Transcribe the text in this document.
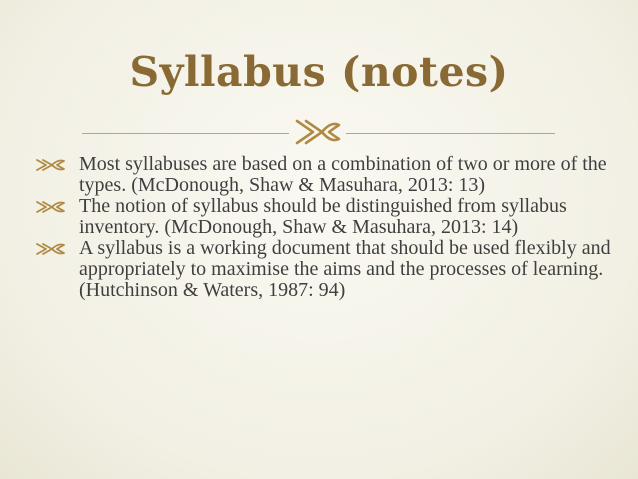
Syllabus (notes)
Most syllabuses are based on a combination of two or more of the types. (McDonough, Shaw & Masuhara, 2013: 13)
The notion of syllabus should be distinguished from syllabus inventory. (McDonough, Shaw & Masuhara, 2013: 14)
A syllabus is a working document that should be used flexibly and appropriately to maximise the aims and the processes of learning. (Hutchinson & Waters, 1987: 94)
